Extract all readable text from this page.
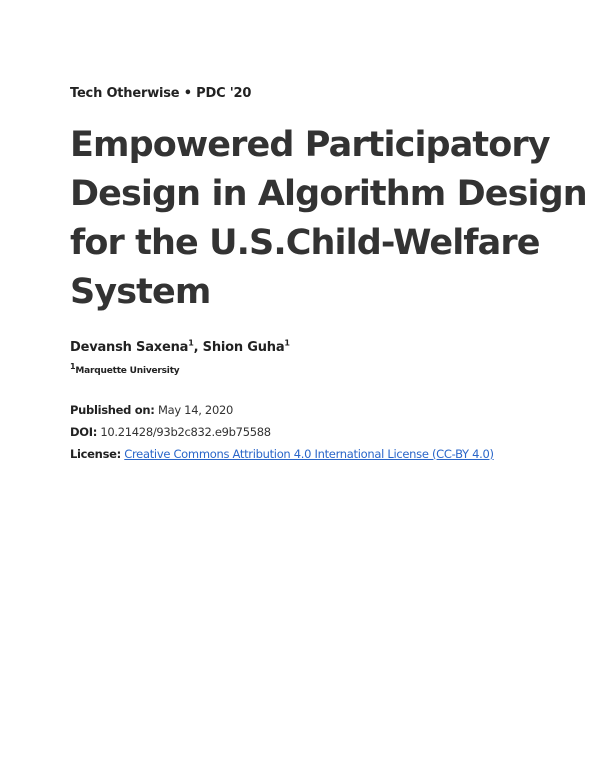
Tech Otherwise • PDC '20
Empowered Participatory
Design in Algorithm Design
for the U.S.Child-Welfare
System
Devansh Saxena$^1$, Shion Guha$^1$
$^1$Marquette University
Published on: May 14, 2020
DOI: 10.21428/93b2c832.e9b75588
License: Creative Commons Attribution 4.0 International License (CC-BY 4.0)
